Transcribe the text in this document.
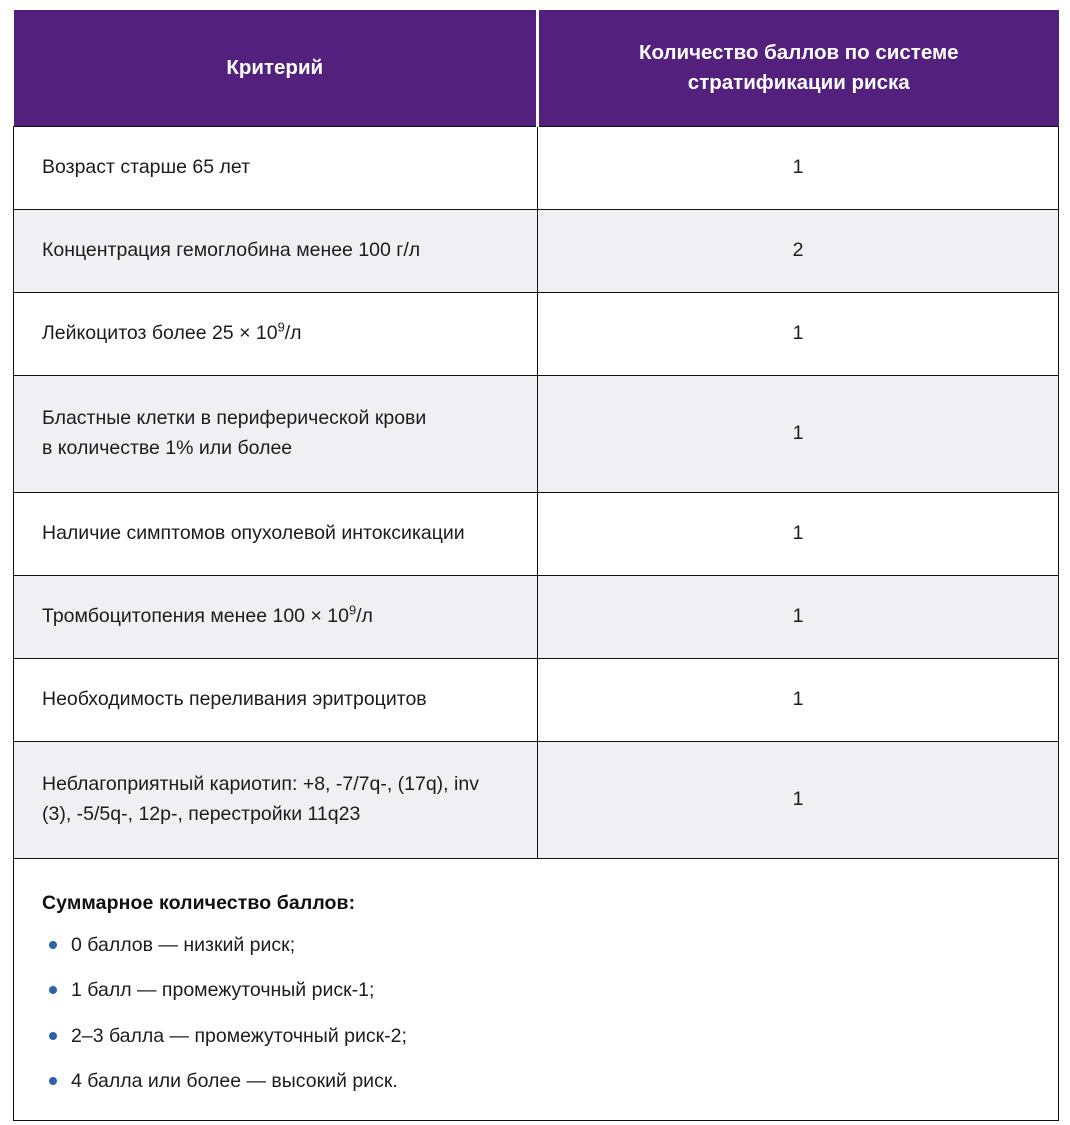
Критерий	Количество баллов по системе
стратификации риска
Возраст старше 65 лет	1
Концентрация гемоглобина менее 100 г/л	2
Лейкоцитоз более $25 \times 10^9/л$	1
Бластные клетки в периферической крови
в количестве 1% или более	1
Наличие симптомов опухолевой интоксикации	1
Тромбоцитопения менее $100 \times 10^9/л$	1
Необходимость переливания эритроцитов	1
Неблагоприятный кариотип: +8, -7/7q-, (17q), inv
(3), -5/5q-, 12p-, перестройки 11q23	1

Суммарное количество баллов:
0 баллов — низкий риск;
1 балл — промежуточный риск-1;
2–3 балла — промежуточный риск-2;
4 балла или более — высокий риск.
